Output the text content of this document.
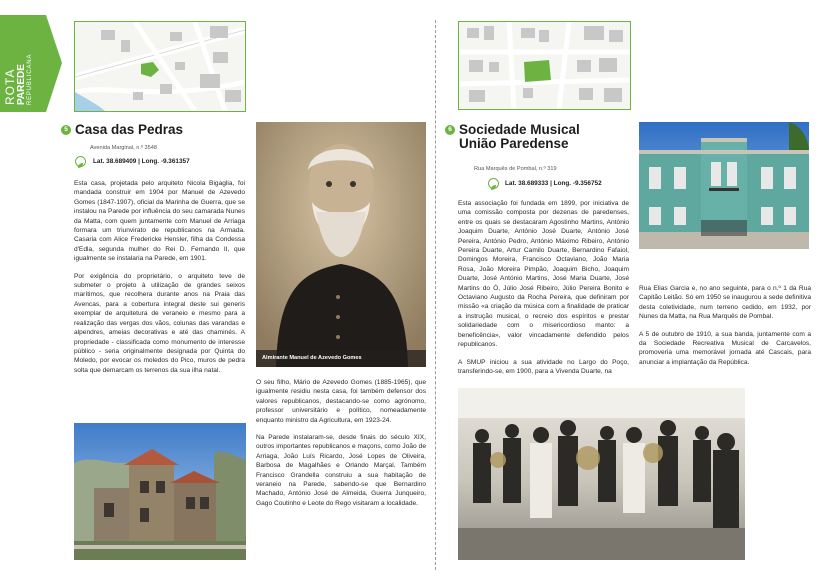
ROTA PAREDE REPUBLICANA
5 Casa das Pedras
Avenida Marginal, n.º 3548
Lat. 38.689409 | Long. -9.361357

Esta casa, projetada pelo arquiteto Nicola Bigaglia, foi mandada construir em 1904 por Manuel de Azevedo Gomes (1847-1907), oficial da Marinha de Guerra, que se instalou na Parede por influência do seu camarada Nunes da Matta, com quem juntamente com Manuel de Arriaga formara um triunvirato de republicanos na Armada. Casaria com Alice Fredericke Hensler, filha da Condessa d'Edla, segunda mulher do Rei D. Fernando II, que igualmente se instalaria na Parede, em 1901.

Por exigência do proprietário, o arquiteto teve de submeter o projeto à utilização de grandes seixos marítimos, que recolhera durante anos na Praia das Avencas, para a cobertura integral deste sui generis exemplar de arquitetura de veraneio e mesmo para a realização das vergas dos vãos, colunas das varandas e alpendres, ameias decorativas e até das chaminés. A propriedade - classificada como monumento de interesse público - seria originalmente designada por Quinta do Moledo, por evocar os moledos do Pico, muros de pedra solta que demarcam os terrenos da sua ilha natal.

Almirante Manuel de Azevedo Gomes

O seu filho, Mário de Azevedo Gomes (1885-1965), que igualmente residiu nesta casa, foi também defensor dos valores republicanos, destacando-se como agrónomo, professor universitário e político, nomeadamente enquanto ministro da Agricultura, em 1923-24.

Na Parede instalaram-se, desde finais do século XIX, outros importantes republicanos e maçons, como João de Arriaga, João Luís Ricardo, José Lopes de Oliveira, Barbosa de Magalhães e Orlando Marçal. Também Francisco Grandella construiu a sua habitação de veraneio na Parede, sabendo-se que Bernardino Machado, António José de Almeida, Guerra Junqueiro, Gago Coutinho e Leote do Rego visitaram a localidade.

6 Sociedade Musical
União Paredense
Rua Marquês de Pombal, n.º 319
Lat. 38.689333 | Long. -9.356752

Esta associação foi fundada em 1899, por iniciativa de uma comissão composta por dezenas de paredenses, entre os quais se destacaram Agostinho Martins, António Joaquim Duarte, António José Duarte, António José Pereira, António Pedro, António Máximo Ribeiro, António Pereira Duarte, Artur Camilo Duarte, Bernardino Fafaiol, Domingos Moreira, Francisco Octaviano, João Maria Rosa, João Moreira Pimpão, Joaquim Bicho, Joaquim Duarte, José António Martins, José Maria Duarte, José Martins do Ó, Júlio José Ribeiro, Júlio Pereira Bonito e Octaviano Augusto da Rocha Pereira, que definiram por missão «a criação da música com a finalidade de praticar a instrução musical, o recreio dos espíritos e prestar solidariedade com o misericordioso manto: a beneficência», valor vincadamente defendido pelos republicanos.

A SMUP iniciou a sua atividade no Largo do Poço, transferindo-se, em 1900, para a Vivenda Duarte, na

Rua Elias Garcia e, no ano seguinte, para o n.º 1 da Rua Capitão Leitão. Só em 1950 se inaugurou a sede definitiva desta coletividade, num terreno cedido, em 1932, por Nunes da Matta, na Rua Marquês de Pombal.

A 5 de outubro de 1910, a sua banda, juntamente com a da Sociedade Recreativa Musical de Carcavelos, promoveria uma memorável jornada até Cascais, para anunciar a implantação da República.
